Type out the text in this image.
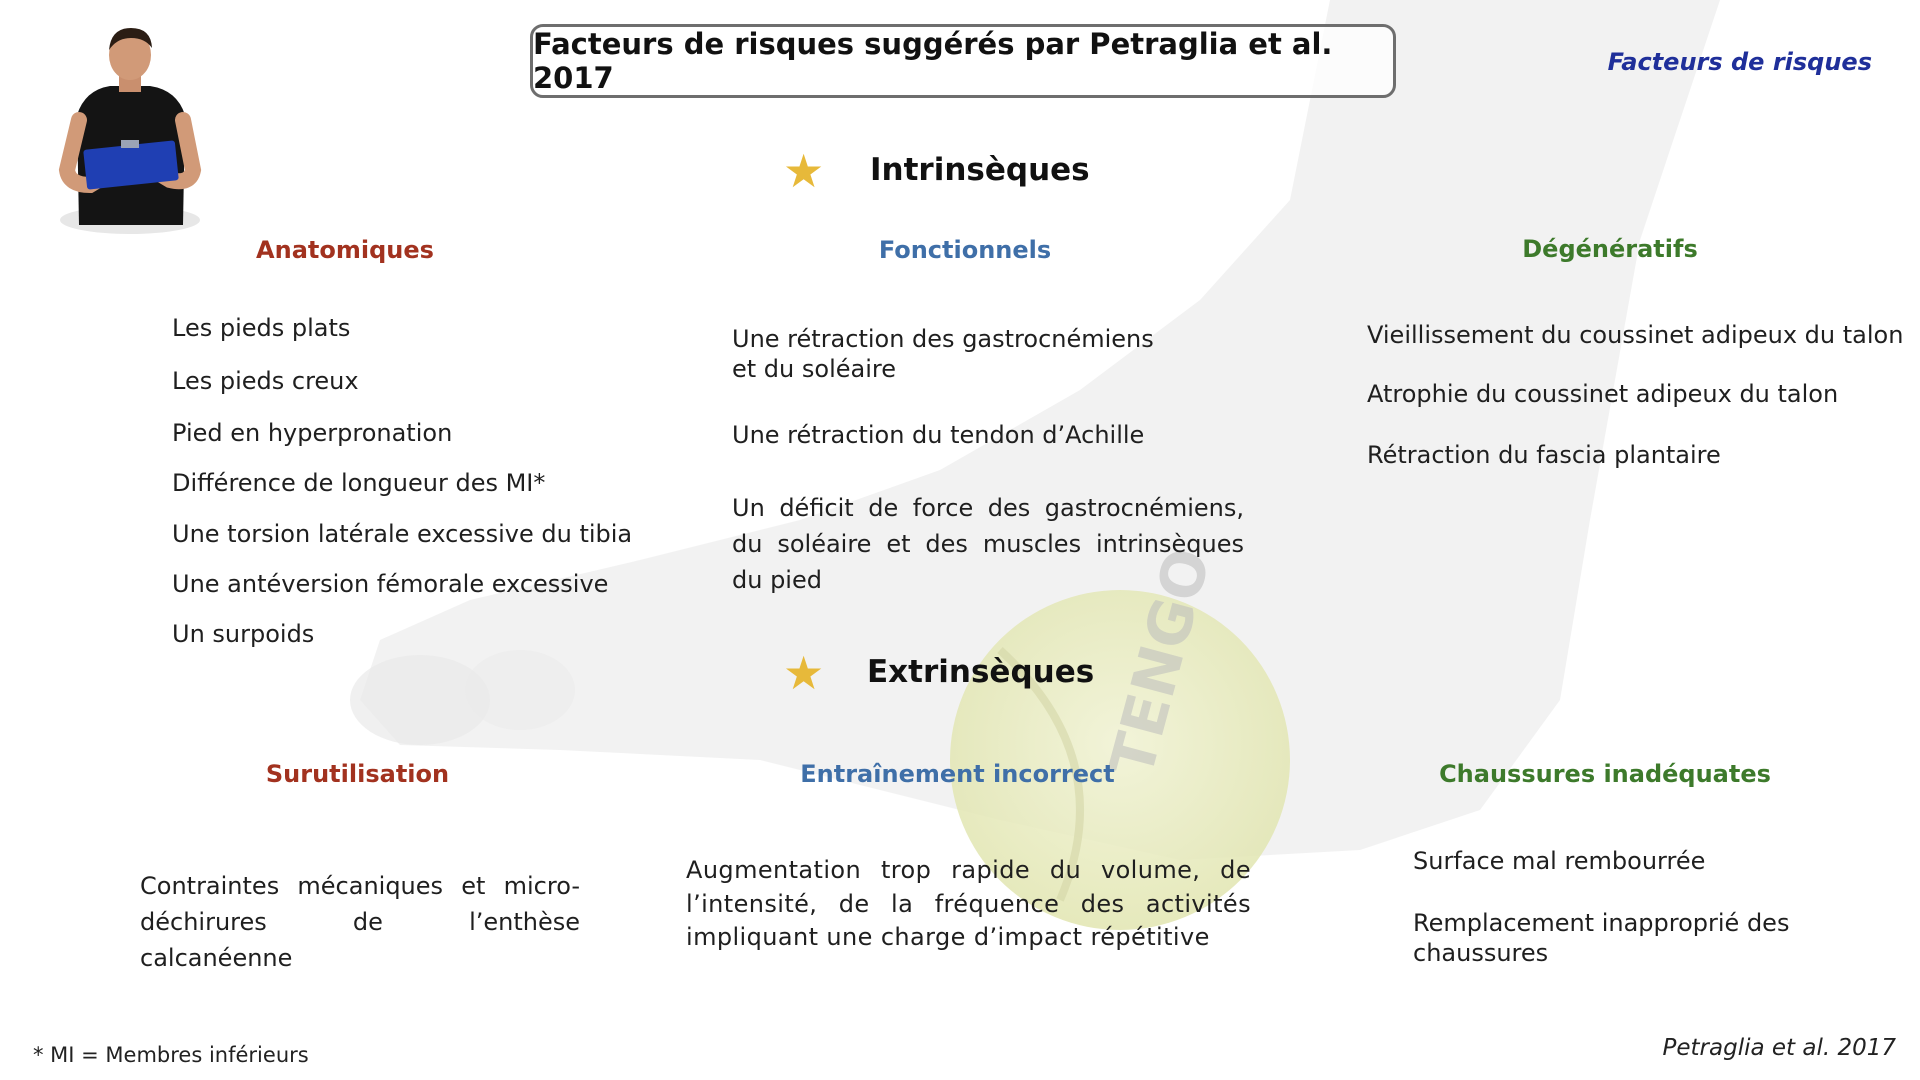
TENGO
Facteurs de risques suggérés par Petraglia et al. 2017	Facteurs de risques
★ Intrinsèques
Anatomiques	Fonctionnels	Dégénératifs
Les pieds plats
Les pieds creux
Pied en hyperpronation
Différence de longueur des MI*
Une torsion latérale excessive du tibia
Une antéversion fémorale excessive
Un surpoids
Une rétraction des gastrocnémiens et du soléaire
Une rétraction du tendon d’Achille
Un déficit de force des gastrocnémiens, du soléaire et des muscles intrinsèques du pied
Vieillissement du coussinet adipeux du talon
Atrophie du coussinet adipeux du talon
Rétraction du fascia plantaire
★ Extrinsèques
Surutilisation	Entraînement incorrect	Chaussures inadéquates
Contraintes mécaniques et micro-déchirures de l’enthèse calcanéenne
Augmentation trop rapide du volume, de l’intensité, de la fréquence des activités impliquant une charge d’impact répétitive
Surface mal rembourrée
Remplacement inapproprié des chaussures
* MI = Membres inférieurs	Petraglia et al. 2017
